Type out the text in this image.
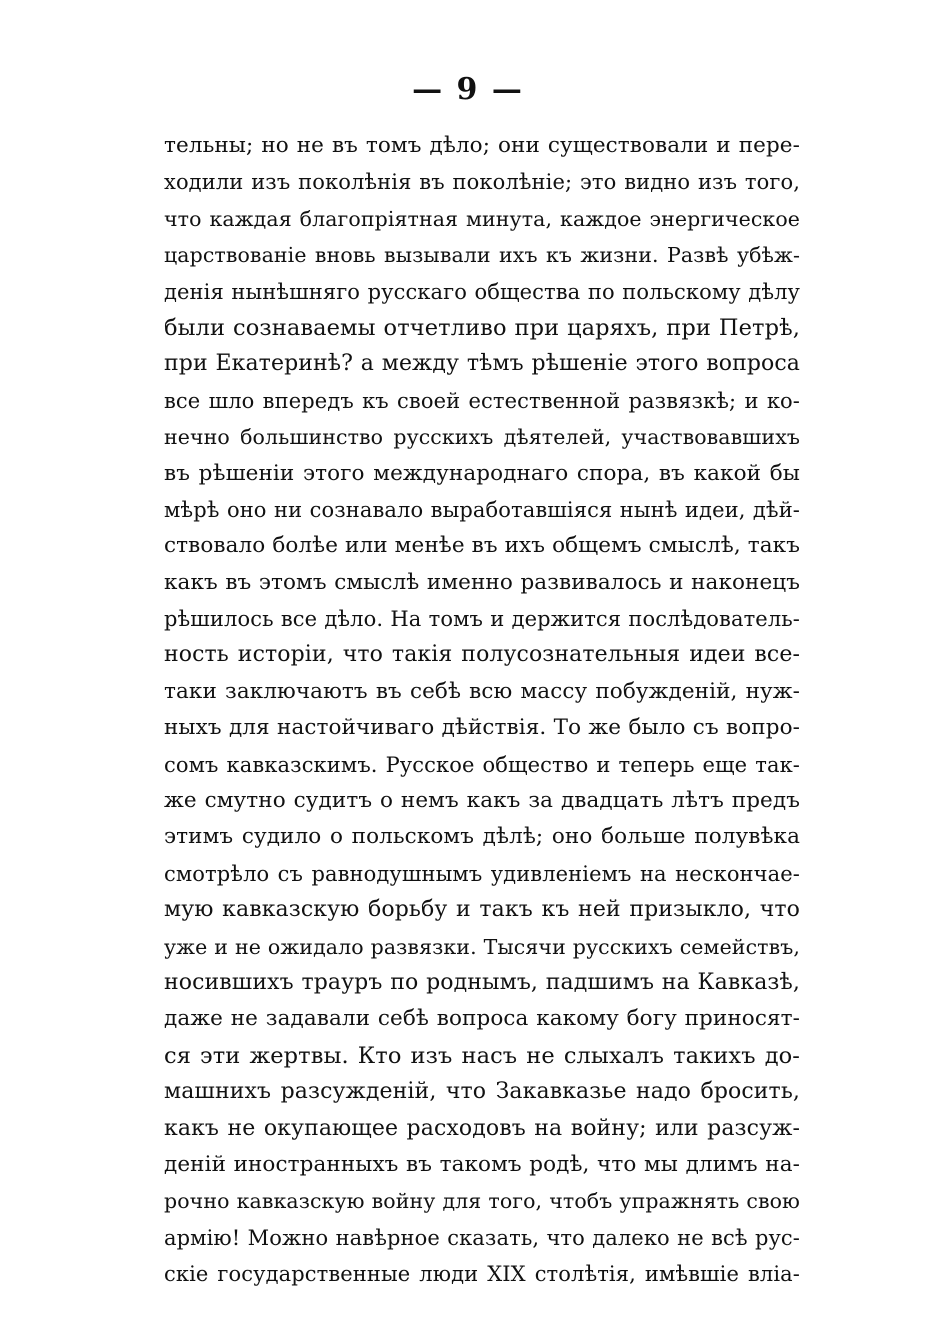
— 9 —
тельны; но не въ томъ дѣло; они существовали и пере-
ходили изъ поколѣнія въ поколѣніе; это видно изъ того,
что каждая благопріятная минута, каждое энергическое
царствованіе вновь вызывали ихъ къ жизни. Развѣ убѣж-
денія нынѣшняго русскаго общества по польскому дѣлу
были сознаваемы отчетливо при царяхъ, при Петрѣ,
при Екатеринѣ? а между тѣмъ рѣшеніе этого вопроса
все шло впередъ къ своей естественной развязкѣ; и ко-
нечно большинство русскихъ дѣятелей, участвовавшихъ
въ рѣшеніи этого международнаго спора, въ какой бы
мѣрѣ оно ни сознавало выработавшіяся нынѣ идеи, дѣй-
ствовало болѣе или менѣе въ ихъ общемъ смыслѣ, такъ
какъ въ этомъ смыслѣ именно развивалось и наконецъ
рѣшилось все дѣло. На томъ и держится послѣдователь-
ность исторіи, что такія полусознательныя идеи все-
таки заключаютъ въ себѣ всю массу побужденій, нуж-
ныхъ для настойчиваго дѣйствія. То же было съ вопро-
сомъ кавказскимъ. Русское общество и теперь еще так-
же смутно судитъ о немъ какъ за двадцать лѣтъ предъ
этимъ судило о польскомъ дѣлѣ; оно больше полувѣка
смотрѣло съ равнодушнымъ удивленіемъ на нескончае-
мую кавказскую борьбу и такъ къ ней призыкло, что
уже и не ожидало развязки. Тысячи русскихъ семействъ,
носившихъ трауръ по роднымъ, падшимъ на Кавказѣ,
даже не задавали себѣ вопроса какому богу приносят-
ся эти жертвы. Кто изъ насъ не слыхалъ такихъ до-
машнихъ разсужденій, что Закавказье надо бросить,
какъ не окупающее расходовъ на войну; или разсуж-
деній иностранныхъ въ такомъ родѣ, что мы длимъ на-
рочно кавказскую войну для того, чтобъ упражнять свою
армію! Можно навѣрное сказать, что далеко не всѣ рус-
скіе государственные люди XIX столѣтія, имѣвшіе вліа-
